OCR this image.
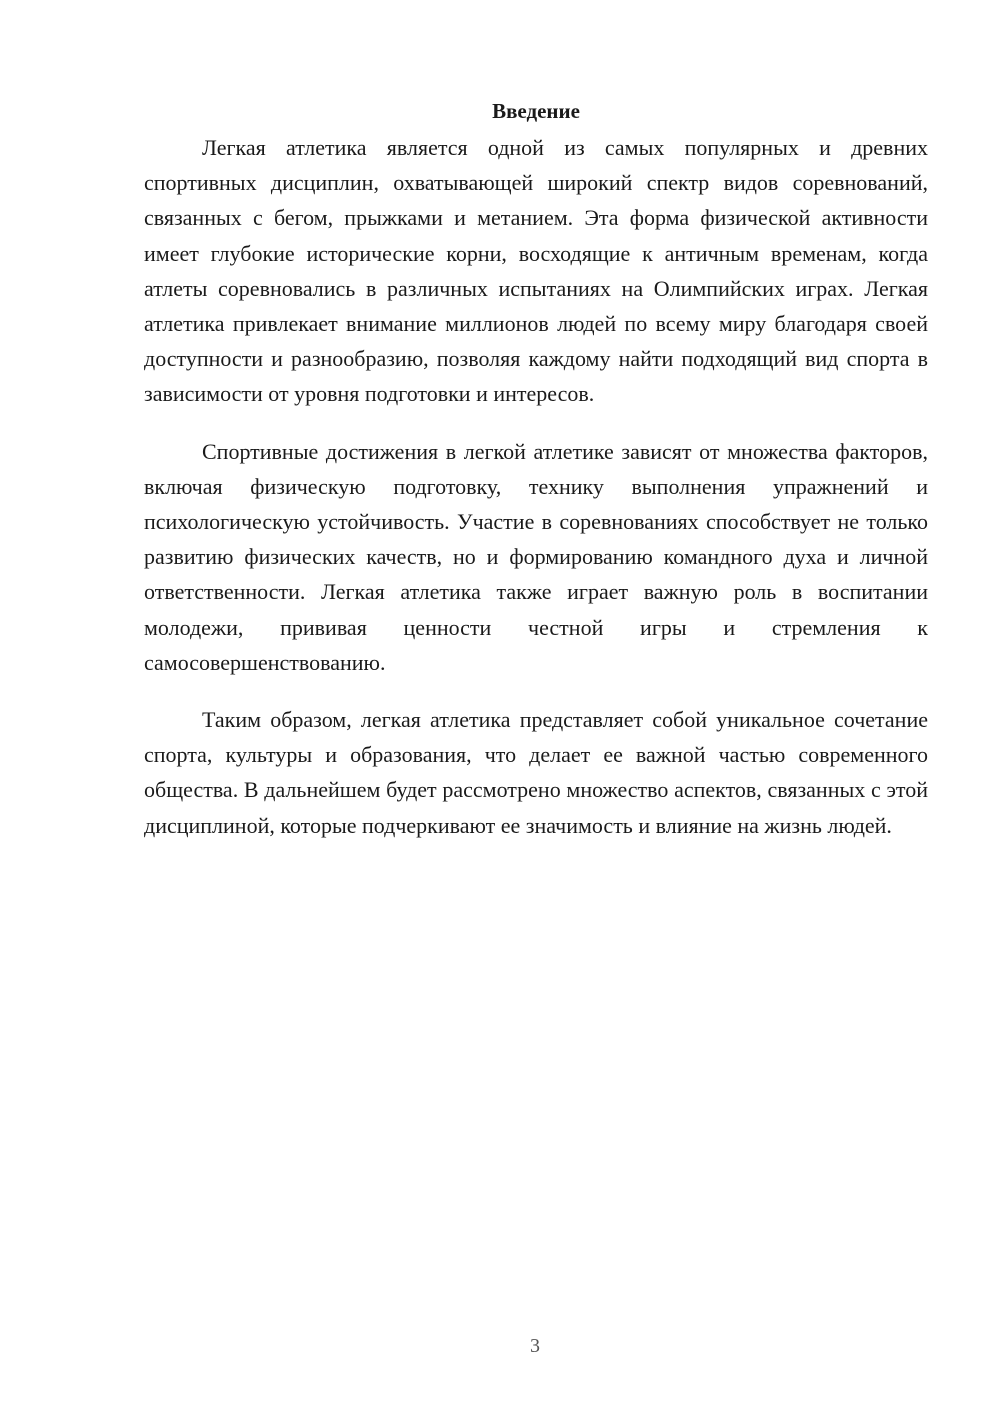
Введение

Легкая атлетика является одной из самых популярных и древних спортивных дисциплин, охватывающей широкий спектр видов соревнований, связанных с бегом, прыжками и метанием. Эта форма физической активности имеет глубокие исторические корни, восходящие к античным временам, когда атлеты соревновались в различных испытаниях на Олимпийских играх. Легкая атлетика привлекает внимание миллионов людей по всему миру благодаря своей доступности и разнообразию, позволяя каждому найти подходящий вид спорта в зависимости от уровня подготовки и интересов.

Спортивные достижения в легкой атлетике зависят от множества факторов, включая физическую подготовку, технику выполнения упражнений и психологическую устойчивость. Участие в соревнованиях способствует не только развитию физических качеств, но и формированию командного духа и личной ответственности. Легкая атлетика также играет важную роль в воспитании молодежи, прививая ценности честной игры и стремления к самосовершенствованию.

Таким образом, легкая атлетика представляет собой уникальное сочетание спорта, культуры и образования, что делает ее важной частью современного общества. В дальнейшем будет рассмотрено множество аспектов, связанных с этой дисциплиной, которые подчеркивают ее значимость и влияние на жизнь людей.

3
